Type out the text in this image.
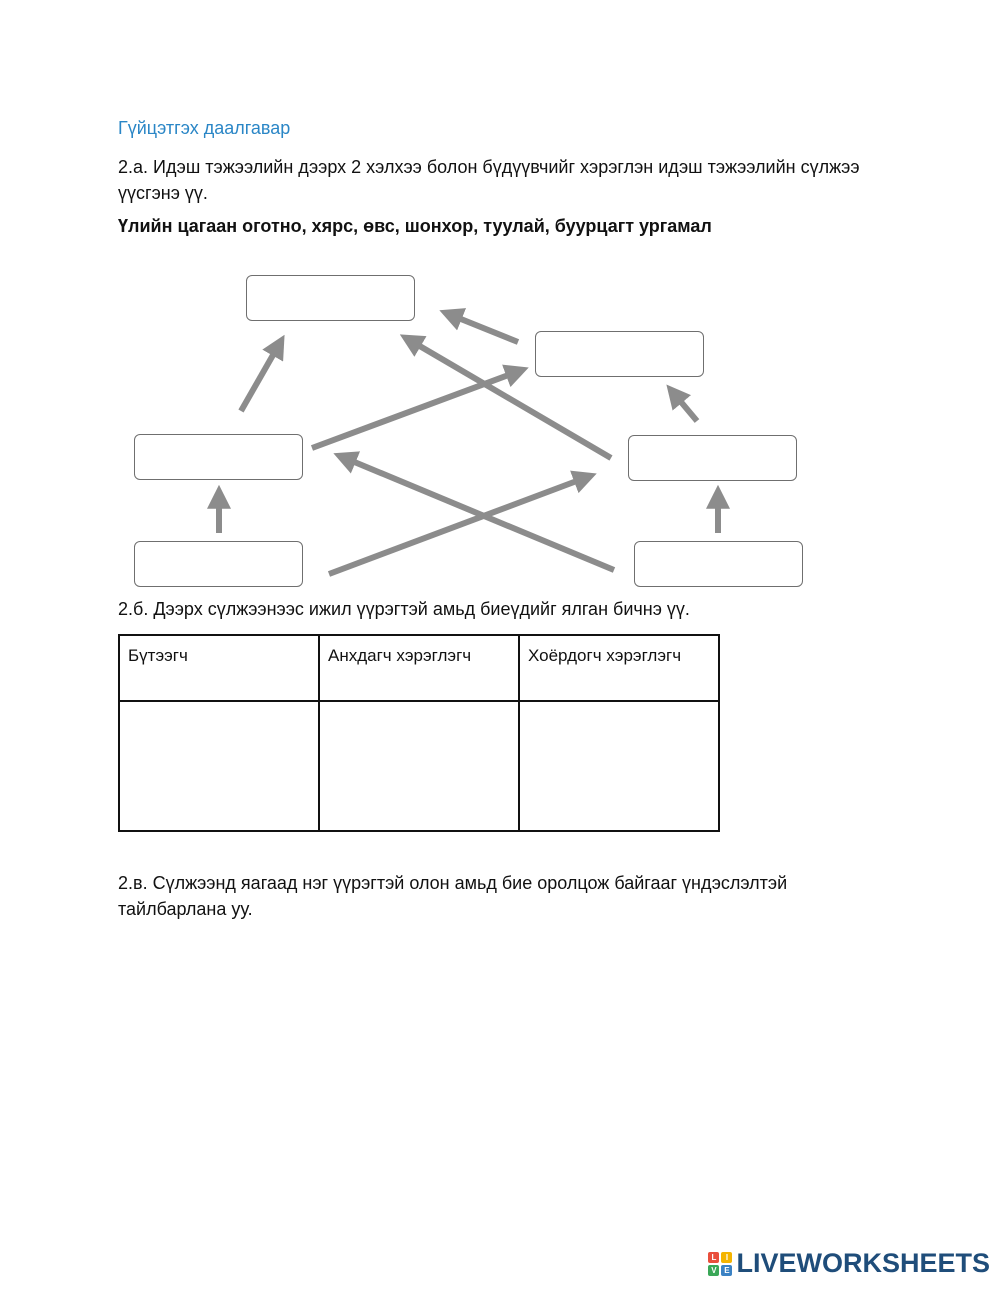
Гүйцэтгэх даалгавар
2.а. Идэш тэжээлийн дээрх 2 хэлхээ болон бүдүүвчийг хэрэглэн идэш тэжээлийн сүлжээ үүсгэнэ үү.
Үлийн цагаан оготно, хярс, өвс, шонхор, туулай, буурцагт ургамал
2.б. Дээрх сүлжээнээс ижил үүрэгтэй амьд биеүдийг ялган бичнэ үү.
Бүтээгч	Анхдагч хэрэглэгч	Хоёрдогч хэрэглэгч

2.в. Сүлжээнд яагаад нэг үүрэгтэй олон амьд бие оролцож байгааг үндэслэлтэй тайлбарлана уу.
L	I
V E LIVEWORKSHEETS
